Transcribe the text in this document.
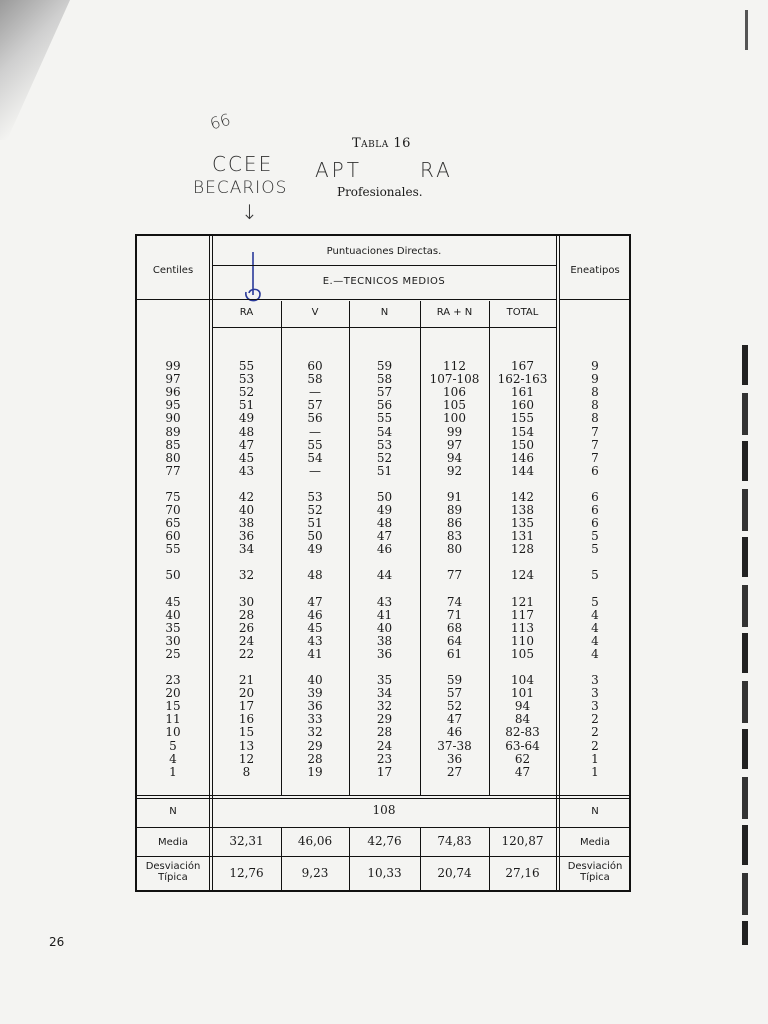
Tabla 16
Profesionales.
66
CCEE APT	RA
BECARIOS
↓
Centiles
Puntuaciones Directas.
E.—TECNICOS MEDIOS
Eneatipos
RA	V	N	RA + N	TOTAL
99	55	60	59	112	167	9
97	53	58	58	107-108	162-163	9
96	52	—	57	106	161	8
95	51	57	56	105	160	8
90	49	56	55	100	155	8
89	48	—	54	99	154	7
85	47	55	53	97	150	7
80	45	54	52	94	146	7
77	43	—	51	92	144	6
75	42	53	50	91	142	6
70	40	52	49	89	138	6
65	38	51	48	86	135	6
60	36	50	47	83	131	5
55	34	49	46	80	128	5
50	32	48	44	77	124	5
45	30	47	43	74	121	5
40	28	46	41	71	117	4
35	26	45	40	68	113	4
30	24	43	38	64	110	4
25	22	41	36	61	105	4
23	21	40	35	59	104	3
20	20	39	34	57	101	3
15	17	36	32	52	94	3
11	16	33	29	47	84	2
10	15	32	28	46	82-83	2
5	13	29	24	37-38	63-64	2
4	12	28	23	36	62	1
1	8	19	17	27	47	1
N	108	N
Media	32,31	46,06	42,76	74,83	120,87	Media
Desviación
Típica	12,76	9,23	10,33	20,74	27,16	Desviación
Típica
26
